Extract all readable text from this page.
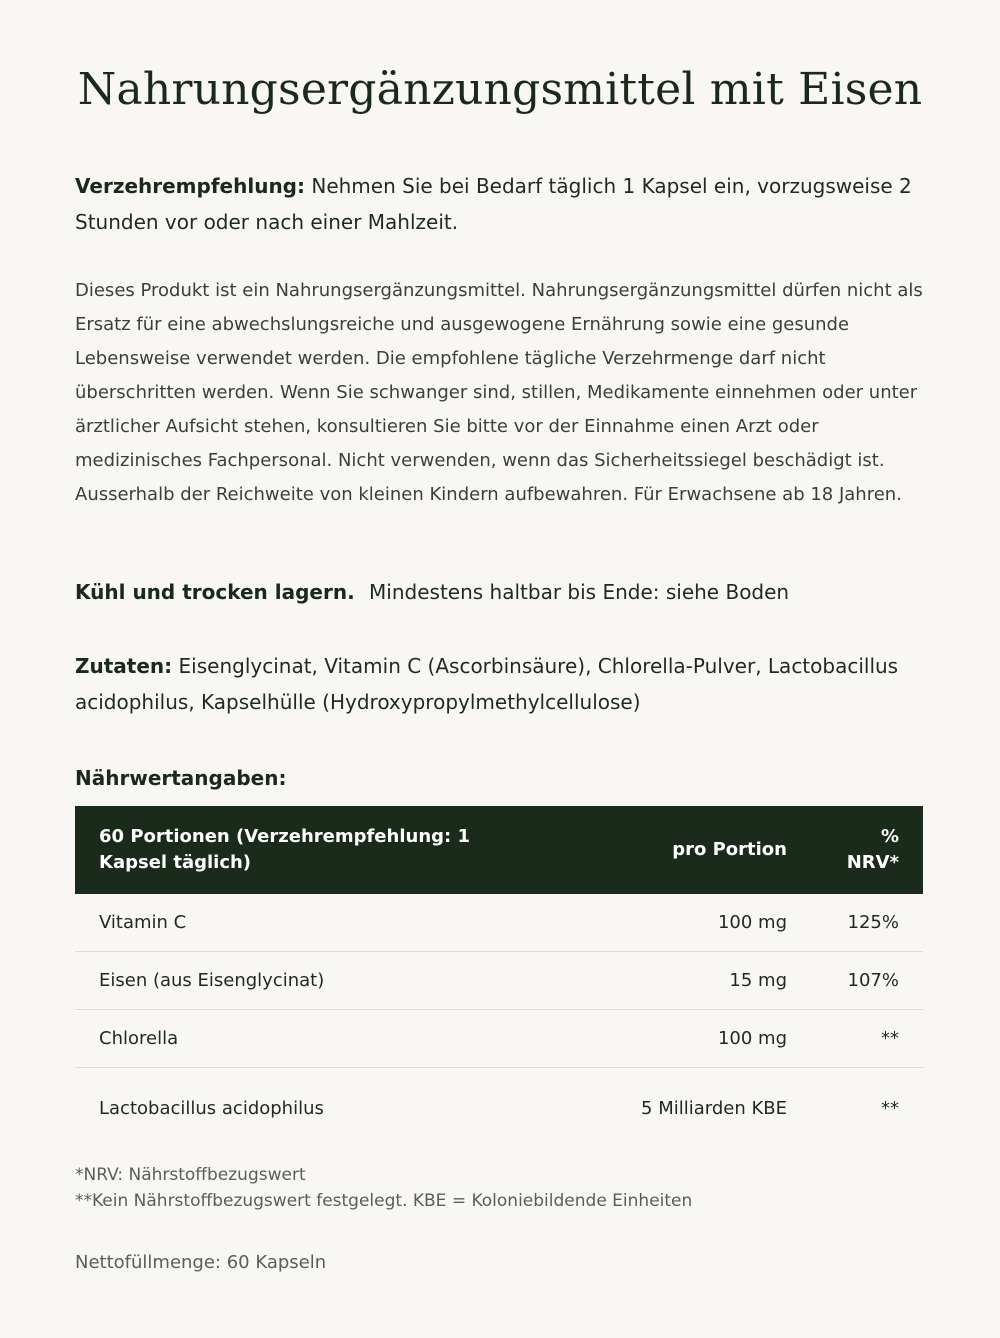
Nahrungsergänzungsmittel mit Eisen

Verzehrempfehlung: Nehmen Sie bei Bedarf täglich 1 Kapsel ein, vorzugsweise 2 Stunden vor oder nach einer Mahlzeit.

Dieses Produkt ist ein Nahrungsergänzungsmittel. Nahrungsergänzungsmittel dürfen nicht als Ersatz für eine abwechslungsreiche und ausgewogene Ernährung sowie eine gesunde Lebensweise verwendet werden. Die empfohlene tägliche Verzehrmenge darf nicht überschritten werden. Wenn Sie schwanger sind, stillen, Medikamente einnehmen oder unter ärztlicher Aufsicht stehen, konsultieren Sie bitte vor der Einnahme einen Arzt oder medizinisches Fachpersonal. Nicht verwenden, wenn das Sicherheitssiegel beschädigt ist. Ausserhalb der Reichweite von kleinen Kindern aufbewahren. Für Erwachsene ab 18 Jahren.

Kühl und trocken lagern. Mindestens haltbar bis Ende: siehe Boden

Zutaten: Eisenglycinat, Vitamin C (Ascorbinsäure), Chlorella-Pulver, Lactobacillus acidophilus, Kapselhülle (Hydroxypropylmethylcellulose)

Nährwertangaben:
60 Portionen (Verzehrempfehlung: 1 Kapsel täglich)	pro Portion	% NRV*
Vitamin C	100 mg	125%
Eisen (aus Eisenglycinat)	15 mg	107%
Chlorella	100 mg	**
Lactobacillus acidophilus	5 Milliarden KBE	**
*NRV: Nährstoffbezugswert
**Kein Nährstoffbezugswert festgelegt. KBE = Koloniebildende Einheiten
Nettofüllmenge: 60 Kapseln
